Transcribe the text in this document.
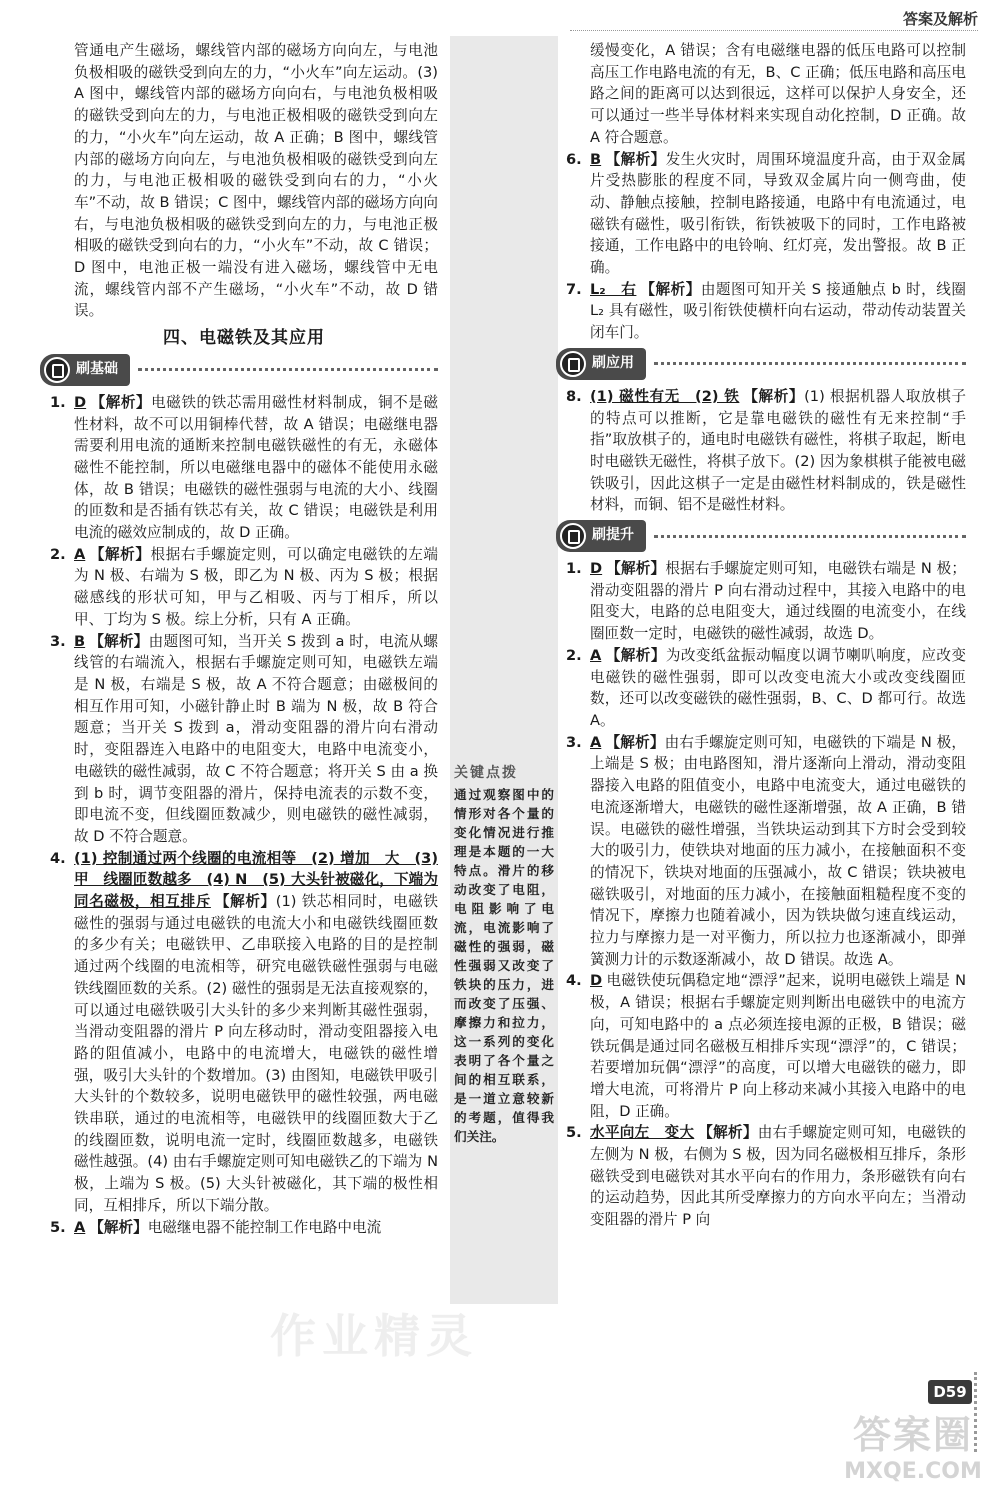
答案及解析
关键点拨
通过观察图中的情形对各个量的变化情况进行推理是本题的一大特点。滑片的移动改变了电阻，电阻影响了电流，电流影响了磁性的强弱，磁性强弱又改变了铁块的压力，进而改变了压强、摩擦力和拉力，这一系列的变化表明了各个量之间的相互联系，是一道立意较新的考题，值得我们关注。

管通电产生磁场，螺线管内部的磁场方向向左，与电池负极相吸的磁铁受到向左的力，“小火车”向左运动。(3) A 图中，螺线管内部的磁场方向向右，与电池负极相吸的磁铁受到向左的力，与电池正极相吸的磁铁受到向左的力，“小火车”向左运动，故 A 正确；B 图中，螺线管内部的磁场方向向左，与电池负极相吸的磁铁受到向左的力，与电池正极相吸的磁铁受到向右的力，“小火车”不动，故 B 错误；C 图中，螺线管内部的磁场方向向右，与电池负极相吸的磁铁受到向左的力，与电池正极相吸的磁铁受到向右的力，“小火车”不动，故 C 错误；D 图中，电池正极一端没有进入磁场，螺线管中无电流，螺线管内部不产生磁场，“小火车”不动，故 D 错误。

四、电磁铁及其应用
刷基础

1. D 【解析】电磁铁的铁芯需用磁性材料制成，铜不是磁性材料，故不可以用铜棒代替，故 A 错误；电磁继电器需要利用电流的通断来控制电磁铁磁性的有无，永磁体磁性不能控制，所以电磁继电器中的磁体不能使用永磁体，故 B 错误；电磁铁的磁性强弱与电流的大小、线圈的匝数和是否插有铁芯有关，故 C 错误；电磁铁是利用电流的磁效应制成的，故 D 正确。

2. A 【解析】根据右手螺旋定则，可以确定电磁铁的左端为 N 极、右端为 S 极，即乙为 N 极、丙为 S 极；根据磁感线的形状可知，甲与乙相吸、丙与丁相斥，所以甲、丁均为 S 极。综上分析，只有 A 正确。

3. B 【解析】由题图可知，当开关 S 拨到 a 时，电流从螺线管的右端流入，根据右手螺旋定则可知，电磁铁左端是 N 极，右端是 S 极，故 A 不符合题意；由磁极间的相互作用可知，小磁针静止时 B 端为 N 极，故 B 符合题意；当开关 S 拨到 a，滑动变阻器的滑片向右滑动时，变阻器连入电路中的电阻变大，电路中电流变小，电磁铁的磁性减弱，故 C 不符合题意；将开关 S 由 a 换到 b 时，调节变阻器的滑片，保持电流表的示数不变，即电流不变，但线圈匝数减少，则电磁铁的磁性减弱，故 D 不符合题意。

4. (1) 控制通过两个线圈的电流相等　(2) 增加　大　(3) 甲　线圈匝数越多　(4) N　(5) 大头针被磁化，下端为同名磁极，相互排斥 【解析】(1) 铁芯相同时，电磁铁磁性的强弱与通过电磁铁的电流大小和电磁铁线圈匝数的多少有关；电磁铁甲、乙串联接入电路的目的是控制通过两个线圈的电流相等，研究电磁铁磁性强弱与电磁铁线圈匝数的关系。(2) 磁性的强弱是无法直接观察的，可以通过电磁铁吸引大头针的多少来判断其磁性强弱，当滑动变阻器的滑片 P 向左移动时，滑动变阻器接入电路的阻值减小，电路中的电流增大，电磁铁的磁性增强，吸引大头针的个数增加。(3) 由图知，电磁铁甲吸引大头针的个数较多，说明电磁铁甲的磁性较强，两电磁铁串联，通过的电流相等，电磁铁甲的线圈匝数大于乙的线圈匝数，说明电流一定时，线圈匝数越多，电磁铁磁性越强。(4) 由右手螺旋定则可知电磁铁乙的下端为 N 极，上端为 S 极。(5) 大头针被磁化，其下端的极性相同，互相排斥，所以下端分散。

5. A 【解析】电磁继电器不能控制工作电路中电流

缓慢变化，A 错误；含有电磁继电器的低压电路可以控制高压工作电路电流的有无，B、C 正确；低压电路和高压电路之间的距离可以达到很远，这样可以保护人身安全，还可以通过一些半导体材料来实现自动化控制，D 正确。故 A 符合题意。

6. B 【解析】发生火灾时，周围环境温度升高，由于双金属片受热膨胀的程度不同，导致双金属片向一侧弯曲，使动、静触点接触，控制电路接通，电路中有电流通过，电磁铁有磁性，吸引衔铁，衔铁被吸下的同时，工作电路被接通，工作电路中的电铃响、红灯亮，发出警报。故 B 正确。

7. L₂　右 【解析】由题图可知开关 S 接通触点 b 时，线圈 L₂ 具有磁性，吸引衔铁使横杆向右运动，带动传动装置关闭车门。

刷应用

8. (1) 磁性有无　(2) 铁 【解析】(1) 根据机器人取放棋子的特点可以推断，它是靠电磁铁的磁性有无来控制“手指”取放棋子的，通电时电磁铁有磁性，将棋子取起，断电时电磁铁无磁性，将棋子放下。(2) 因为象棋棋子能被电磁铁吸引，因此这棋子一定是由磁性材料制成的，铁是磁性材料，而铜、铝不是磁性材料。

刷提升

1. D 【解析】根据右手螺旋定则可知，电磁铁右端是 N 极；滑动变阻器的滑片 P 向右滑动过程中，其接入电路中的电阻变大，电路的总电阻变大，通过线圈的电流变小，在线圈匝数一定时，电磁铁的磁性减弱，故选 D。

2. A 【解析】为改变纸盆振动幅度以调节喇叭响度，应改变电磁铁的磁性强弱，即可以改变电流大小或改变线圈匝数，还可以改变磁铁的磁性强弱，B、C、D 都可行。故选 A。

3. A 【解析】由右手螺旋定则可知，电磁铁的下端是 N 极，上端是 S 极；由电路图知，滑片逐渐向上滑动，滑动变阻器接入电路的阻值变小，电路中电流变大，通过电磁铁的电流逐渐增大，电磁铁的磁性逐渐增强，故 A 正确，B 错误。电磁铁的磁性增强，当铁块运动到其下方时会受到较大的吸引力，使铁块对地面的压力减小，在接触面积不变的情况下，铁块对地面的压强减小，故 C 错误；铁块被电磁铁吸引，对地面的压力减小，在接触面粗糙程度不变的情况下，摩擦力也随着减小，因为铁块做匀速直线运动，拉力与摩擦力是一对平衡力，所以拉力也逐渐减小，即弹簧测力计的示数逐渐减小，故 D 错误。故选 A。

4. D 电磁铁使玩偶稳定地“漂浮”起来，说明电磁铁上端是 N 极，A 错误；根据右手螺旋定则判断出电磁铁中的电流方向，可知电路中的 a 点必须连接电源的正极，B 错误；磁铁玩偶是通过同名磁极互相排斥实现“漂浮”的，C 错误；若要增加玩偶“漂浮”的高度，可以增大电磁铁的磁力，即增大电流，可将滑片 P 向上移动来减小其接入电路中的电阻，D 正确。

5. 水平向左　变大 【解析】由右手螺旋定则可知，电磁铁的左侧为 N 极，右侧为 S 极，因为同名磁极相互排斥，条形磁铁受到电磁铁对其水平向右的作用力，条形磁铁有向右的运动趋势，因此其所受摩擦力的方向水平向左；当滑动变阻器的滑片 P 向

作业精灵
D59
答案圈
MXQE.COM
